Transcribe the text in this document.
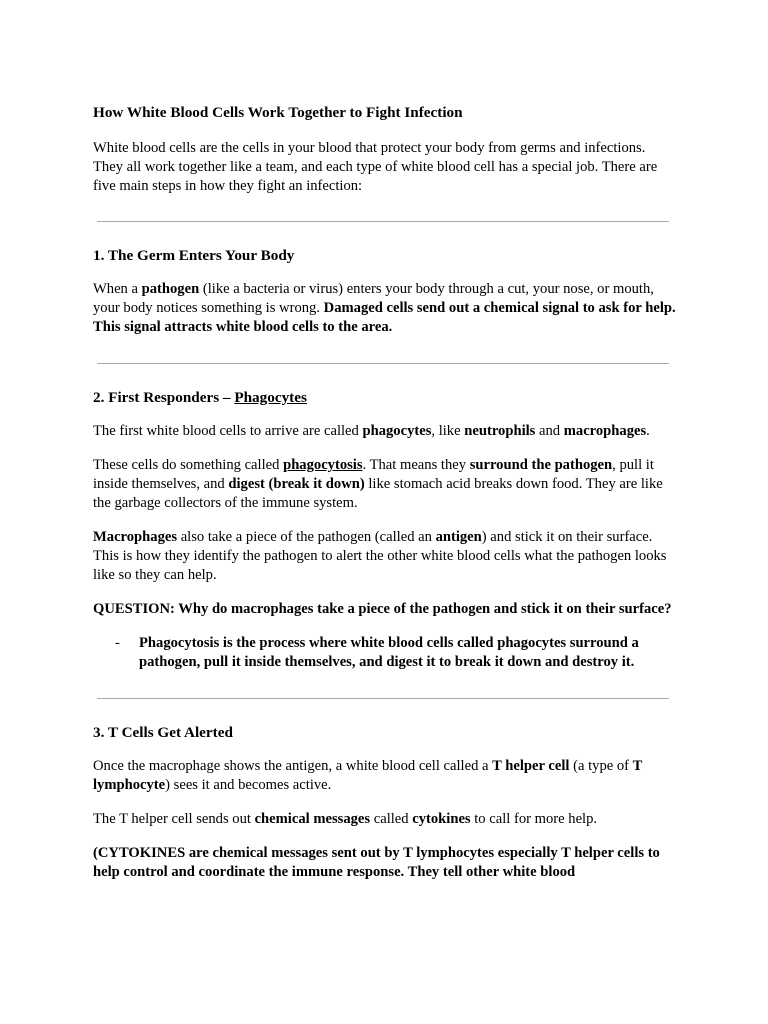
How White Blood Cells Work Together to Fight Infection

White blood cells are the cells in your blood that protect your body from germs and infections. They all work together like a team, and each type of white blood cell has a special job. There are five main steps in how they fight an infection:

1. The Germ Enters Your Body

When a pathogen (like a bacteria or virus) enters your body through a cut, your nose, or mouth, your body notices something is wrong. Damaged cells send out a chemical signal to ask for help. This signal attracts white blood cells to the area.

2. First Responders – Phagocytes

The first white blood cells to arrive are called phagocytes, like neutrophils and macrophages.

These cells do something called phagocytosis. That means they surround the pathogen, pull it inside themselves, and digest (break it down) like stomach acid breaks down food. They are like the garbage collectors of the immune system.

Macrophages also take a piece of the pathogen (called an antigen) and stick it on their surface. This is how they identify the pathogen to alert the other white blood cells what the pathogen looks like so they can help.

QUESTION: Why do macrophages take a piece of the pathogen and stick it on their surface?

- Phagocytosis is the process where white blood cells called phagocytes surround a pathogen, pull it inside themselves, and digest it to break it down and destroy it.

3. T Cells Get Alerted

Once the macrophage shows the antigen, a white blood cell called a T helper cell (a type of T lymphocyte) sees it and becomes active.

The T helper cell sends out chemical messages called cytokines to call for more help.

(CYTOKINES are chemical messages sent out by T lymphocytes especially T helper cells to help control and coordinate the immune response. They tell other white blood
